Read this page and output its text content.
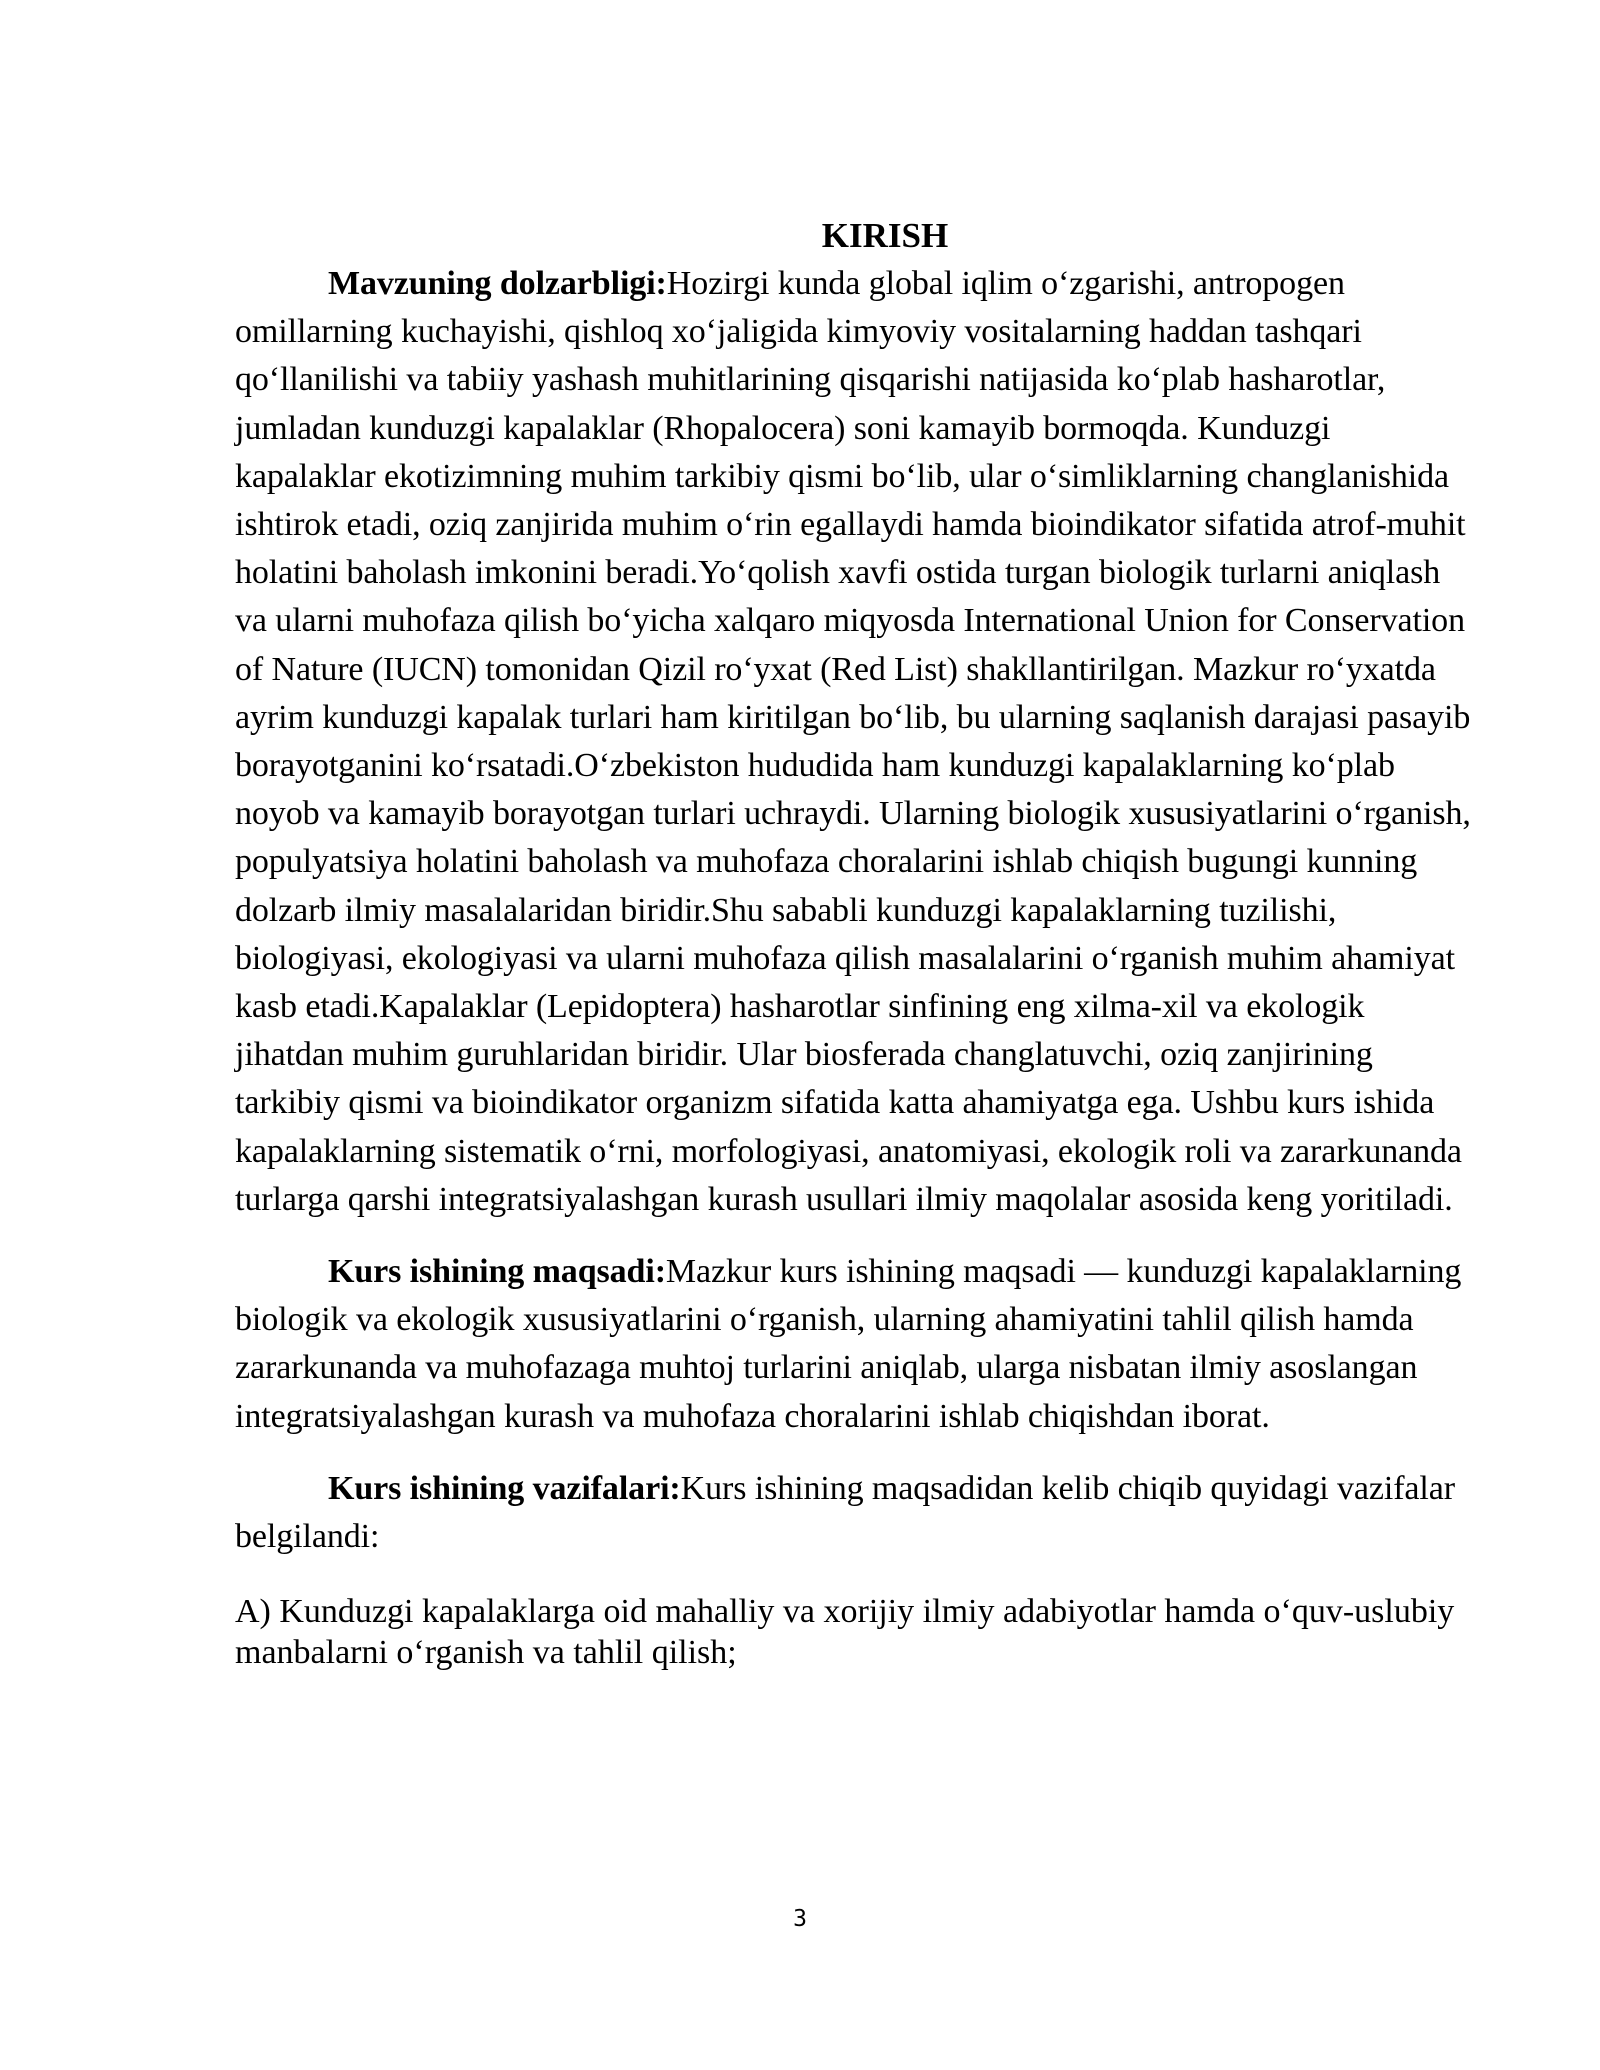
KIRISH

Mavzuning dolzarbligi:Hozirgi kunda global iqlim o‘zgarishi, antropogen omillarning kuchayishi, qishloq xo‘jaligida kimyoviy vositalarning haddan tashqari qo‘llanilishi va tabiiy yashash muhitlarining qisqarishi natijasida ko‘plab hasharotlar, jumladan kunduzgi kapalaklar (Rhopalocera) soni kamayib bormoqda. Kunduzgi kapalaklar ekotizimning muhim tarkibiy qismi bo‘lib, ular o‘simliklarning changlanishida ishtirok etadi, oziq zanjirida muhim o‘rin egallaydi hamda bioindikator sifatida atrof-muhit holatini baholash imkonini beradi.Yo‘qolish xavfi ostida turgan biologik turlarni aniqlash va ularni muhofaza qilish bo‘yicha xalqaro miqyosda International Union for Conservation of Nature (IUCN) tomonidan Qizil ro‘yxat (Red List) shakllantirilgan. Mazkur ro‘yxatda ayrim kunduzgi kapalak turlari ham kiritilgan bo‘lib, bu ularning saqlanish darajasi pasayib borayotganini ko‘rsatadi.O‘zbekiston hududida ham kunduzgi kapalaklarning ko‘plab noyob va kamayib borayotgan turlari uchraydi. Ularning biologik xususiyatlarini o‘rganish, populyatsiya holatini baholash va muhofaza choralarini ishlab chiqish bugungi kunning dolzarb ilmiy masalalaridan biridir.Shu sababli kunduzgi kapalaklarning tuzilishi, biologiyasi, ekologiyasi va ularni muhofaza qilish masalalarini o‘rganish muhim ahamiyat kasb etadi.Kapalaklar (Lepidoptera) hasharotlar sinfining eng xilma-xil va ekologik jihatdan muhim guruhlaridan biridir. Ular biosferada changlatuvchi, oziq zanjirining tarkibiy qismi va bioindikator organizm sifatida katta ahamiyatga ega. Ushbu kurs ishida kapalaklarning sistematik o‘rni, morfologiyasi, anatomiyasi, ekologik roli va zararkunanda turlarga qarshi integratsiyalashgan kurash usullari ilmiy maqolalar asosida keng yoritiladi.

Kurs ishining maqsadi:Mazkur kurs ishining maqsadi — kunduzgi kapalaklarning biologik va ekologik xususiyatlarini o‘rganish, ularning ahamiyatini tahlil qilish hamda zararkunanda va muhofazaga muhtoj turlarini aniqlab, ularga nisbatan ilmiy asoslangan integratsiyalashgan kurash va muhofaza choralarini ishlab chiqishdan iborat.

Kurs ishining vazifalari:Kurs ishining maqsadidan kelib chiqib quyidagi vazifalar belgilandi:

A) Kunduzgi kapalaklarga oid mahalliy va xorijiy ilmiy adabiyotlar hamda o‘quv-uslubiy manbalarni o‘rganish va tahlil qilish;

3
